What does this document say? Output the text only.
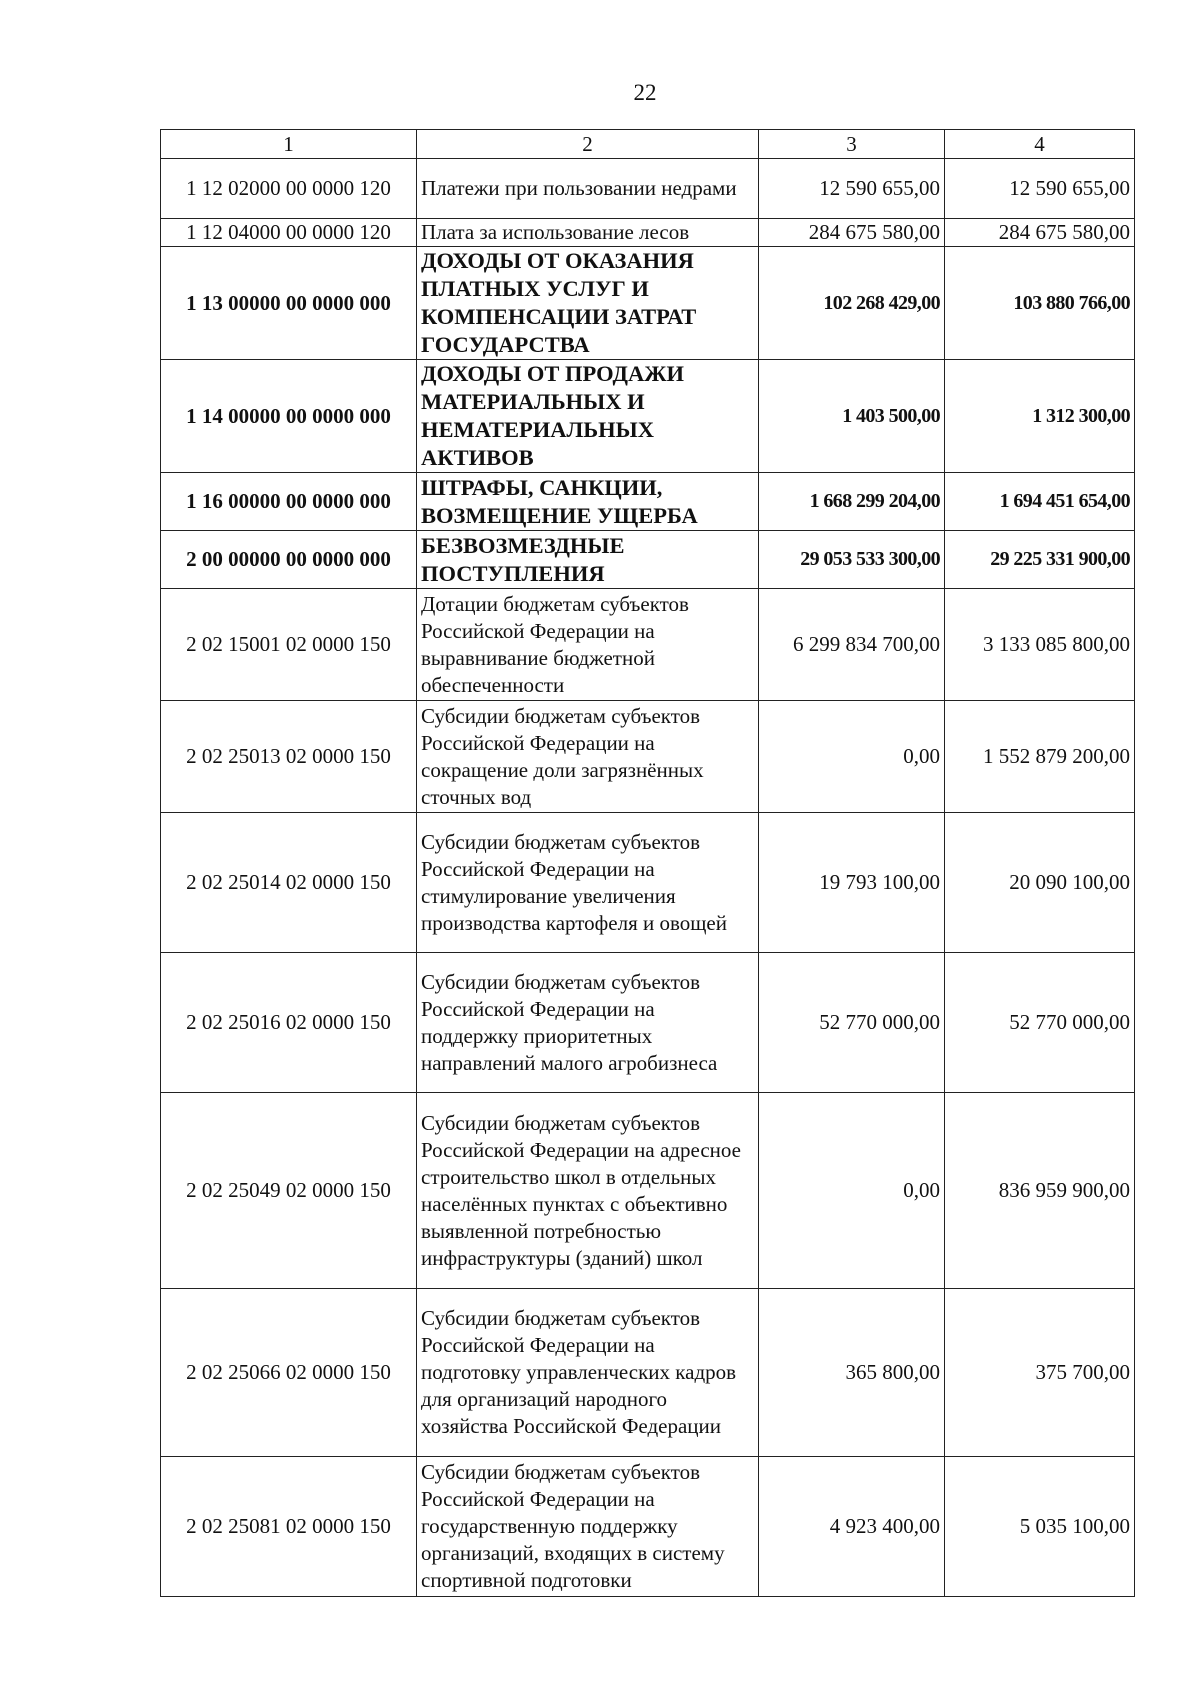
22
1	2	3	4
1 12 02000 00 0000 120	Платежи при пользовании недрами	12 590 655,00	12 590 655,00
1 12 04000 00 0000 120	Плата за использование лесов	284 675 580,00	284 675 580,00
1 13 00000 00 0000 000	ДОХОДЫ ОТ ОКАЗАНИЯ ПЛАТНЫХ УСЛУГ И КОМПЕНСАЦИИ ЗАТРАТ ГОСУДАРСТВА	102 268 429,00	103 880 766,00
1 14 00000 00 0000 000	ДОХОДЫ ОТ ПРОДАЖИ МАТЕРИАЛЬНЫХ И НЕМАТЕРИАЛЬНЫХ АКТИВОВ	1 403 500,00	1 312 300,00
1 16 00000 00 0000 000	ШТРАФЫ, САНКЦИИ, ВОЗМЕЩЕНИЕ УЩЕРБА	1 668 299 204,00	1 694 451 654,00
2 00 00000 00 0000 000	БЕЗВОЗМЕЗДНЫЕ ПОСТУПЛЕНИЯ	29 053 533 300,00	29 225 331 900,00
2 02 15001 02 0000 150	Дотации бюджетам субъектов Российской Федерации на выравнивание бюджетной обеспеченности	6 299 834 700,00	3 133 085 800,00
2 02 25013 02 0000 150	Субсидии бюджетам субъектов Российской Федерации на сокращение доли загрязнённых сточных вод	0,00	1 552 879 200,00
2 02 25014 02 0000 150	Субсидии бюджетам субъектов Российской Федерации на стимулирование увеличения производства картофеля и овощей	19 793 100,00	20 090 100,00
2 02 25016 02 0000 150	Субсидии бюджетам субъектов Российской Федерации на поддержку приоритетных направлений малого агробизнеса	52 770 000,00	52 770 000,00
2 02 25049 02 0000 150	Субсидии бюджетам субъектов Российской Федерации на адресное строительство школ в отдельных населённых пунктах с объективно выявленной потребностью инфраструктуры (зданий) школ	0,00	836 959 900,00
2 02 25066 02 0000 150	Субсидии бюджетам субъектов Российской Федерации на подготовку управленческих кадров для организаций народного хозяйства Российской Федерации	365 800,00	375 700,00
2 02 25081 02 0000 150	Субсидии бюджетам субъектов Российской Федерации на государственную поддержку организаций, входящих в систему спортивной подготовки	4 923 400,00	5 035 100,00
